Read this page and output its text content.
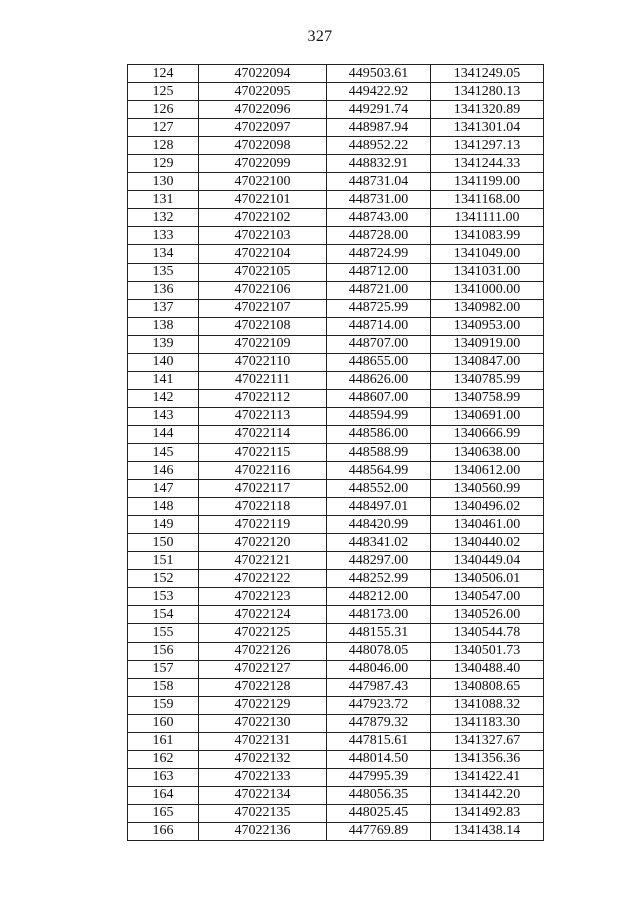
327
124	47022094	449503.61	1341249.05
125	47022095	449422.92	1341280.13
126	47022096	449291.74	1341320.89
127	47022097	448987.94	1341301.04
128	47022098	448952.22	1341297.13
129	47022099	448832.91	1341244.33
130	47022100	448731.04	1341199.00
131	47022101	448731.00	1341168.00
132	47022102	448743.00	1341111.00
133	47022103	448728.00	1341083.99
134	47022104	448724.99	1341049.00
135	47022105	448712.00	1341031.00
136	47022106	448721.00	1341000.00
137	47022107	448725.99	1340982.00
138	47022108	448714.00	1340953.00
139	47022109	448707.00	1340919.00
140	47022110	448655.00	1340847.00
141	47022111	448626.00	1340785.99
142	47022112	448607.00	1340758.99
143	47022113	448594.99	1340691.00
144	47022114	448586.00	1340666.99
145	47022115	448588.99	1340638.00
146	47022116	448564.99	1340612.00
147	47022117	448552.00	1340560.99
148	47022118	448497.01	1340496.02
149	47022119	448420.99	1340461.00
150	47022120	448341.02	1340440.02
151	47022121	448297.00	1340449.04
152	47022122	448252.99	1340506.01
153	47022123	448212.00	1340547.00
154	47022124	448173.00	1340526.00
155	47022125	448155.31	1340544.78
156	47022126	448078.05	1340501.73
157	47022127	448046.00	1340488.40
158	47022128	447987.43	1340808.65
159	47022129	447923.72	1341088.32
160	47022130	447879.32	1341183.30
161	47022131	447815.61	1341327.67
162	47022132	448014.50	1341356.36
163	47022133	447995.39	1341422.41
164	47022134	448056.35	1341442.20
165	47022135	448025.45	1341492.83
166	47022136	447769.89	1341438.14
